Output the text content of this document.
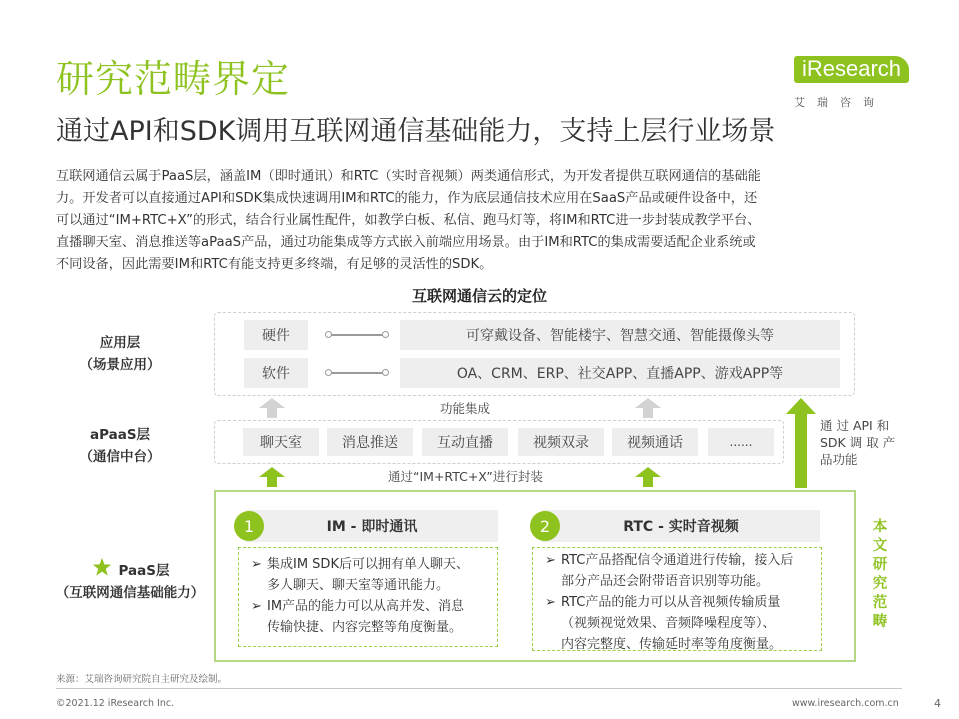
研究范畴界定
通过API和SDK调用互联网通信基础能力，支持上层行业场景
iResearch
艾瑞咨询
互联网通信云属于PaaS层，涵盖IM（即时通讯）和RTC（实时音视频）两类通信形式，为开发者提供互联网通信的基础能
力。开发者可以直接通过API和SDK集成快速调用IM和RTC的能力，作为底层通信技术应用在SaaS产品或硬件设备中，还
可以通过“IM+RTC+X”的形式，结合行业属性配件，如教学白板、私信、跑马灯等，将IM和RTC进一步封装成教学平台、
直播聊天室、消息推送等aPaaS产品，通过功能集成等方式嵌入前端应用场景。由于IM和RTC的集成需要适配企业系统或
不同设备，因此需要IM和RTC有能支持更多终端，有足够的灵活性的SDK。
互联网通信云的定位
应用层
（场景应用）
aPaaS层
（通信中台）
PaaS层
（互联网通信基础能力）
硬件	可穿戴设备、智能楼宇、智慧交通、智能摄像头等
软件	OA、CRM、ERP、社交APP、直播APP、游戏APP等
功能集成
聊天室	消息推送	互动直播	视频双录	视频通话	......
通过“IM+RTC+X”进行封装
通 过 API 和
SDK 调 取 产
品功能
IM - 即时通讯
1
➢ 集成IM SDK后可以拥有单人聊天、
多人聊天、聊天室等通讯能力。
➢ IM产品的能力可以从高并发、消息
传输快捷、内容完整等角度衡量。
RTC - 实时音视频
2
➢ RTC产品搭配信令通道进行传输，接入后
部分产品还会附带语音识别等功能。
➢ RTC产品的能力可以从音视频传输质量
（视频视觉效果、音频降噪程度等）、
内容完整度、传输延时率等角度衡量。
本文研究范畴
来源：艾瑞咨询研究院自主研究及绘制。
©2021.12 iResearch Inc.	www.iresearch.com.cn	4
